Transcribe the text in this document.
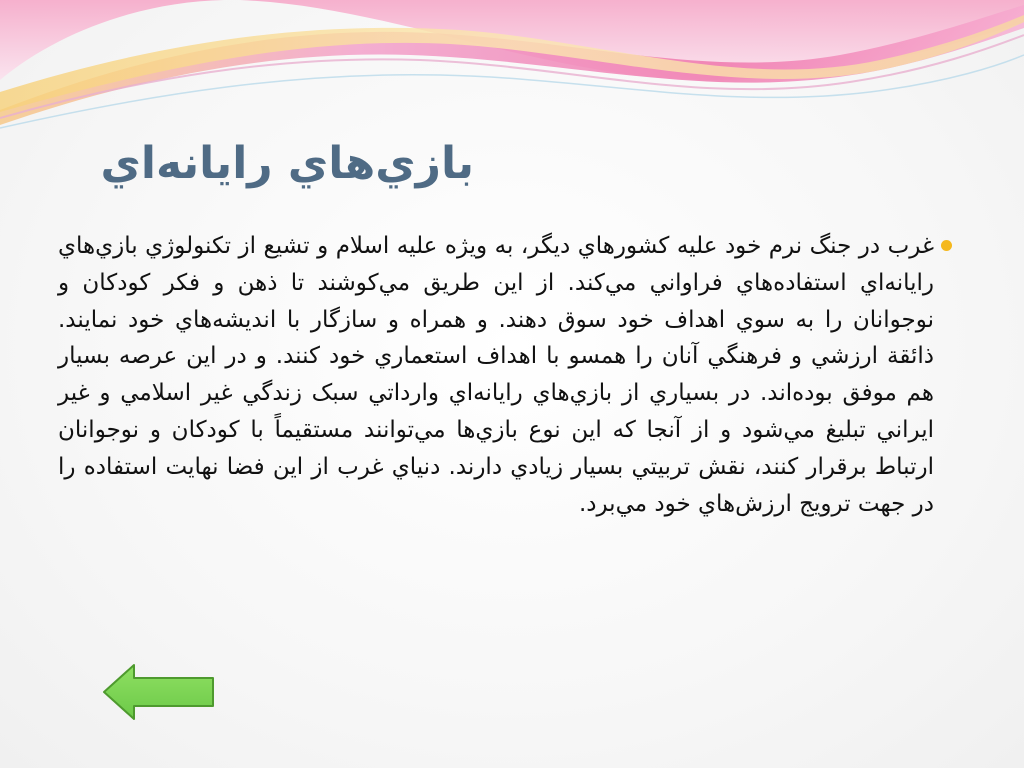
بازي‌هاي رايانه‌اي

غرب در جنگ نرم خود عليه كشورهاي ديگر، به ويژه عليه اسلام و تشيع از تكنولوژي بازي‌هاي رايانه‌اي استفاده‌هاي فراواني مي‌كند. از اين طريق مي‌كوشند تا ذهن و فكر كودكان و نوجوانان را به سوي اهداف خود سوق دهند. و همراه و سازگار با انديشه‌هاي خود نمايند. ذائقة ارزشي و فرهنگي آنان را همسو با اهداف استعماري خود كنند. و در اين عرصه بسيار هم موفق بوده‌اند. در بسياري از بازي‌هاي رايانه‌اي وارداتي سبک زندگي غير اسلامي و غير ايراني تبليغ مي‌شود و از آنجا كه اين نوع بازي‌ها مي‌توانند مستقيماً با كودكان و نوجوانان ارتباط برقرار كنند، نقش تربيتي بسيار زيادي دارند. دنياي غرب از اين فضا نهايت استفاده را در جهت ترويج ارزش‌هاي خود مي‌برد.
